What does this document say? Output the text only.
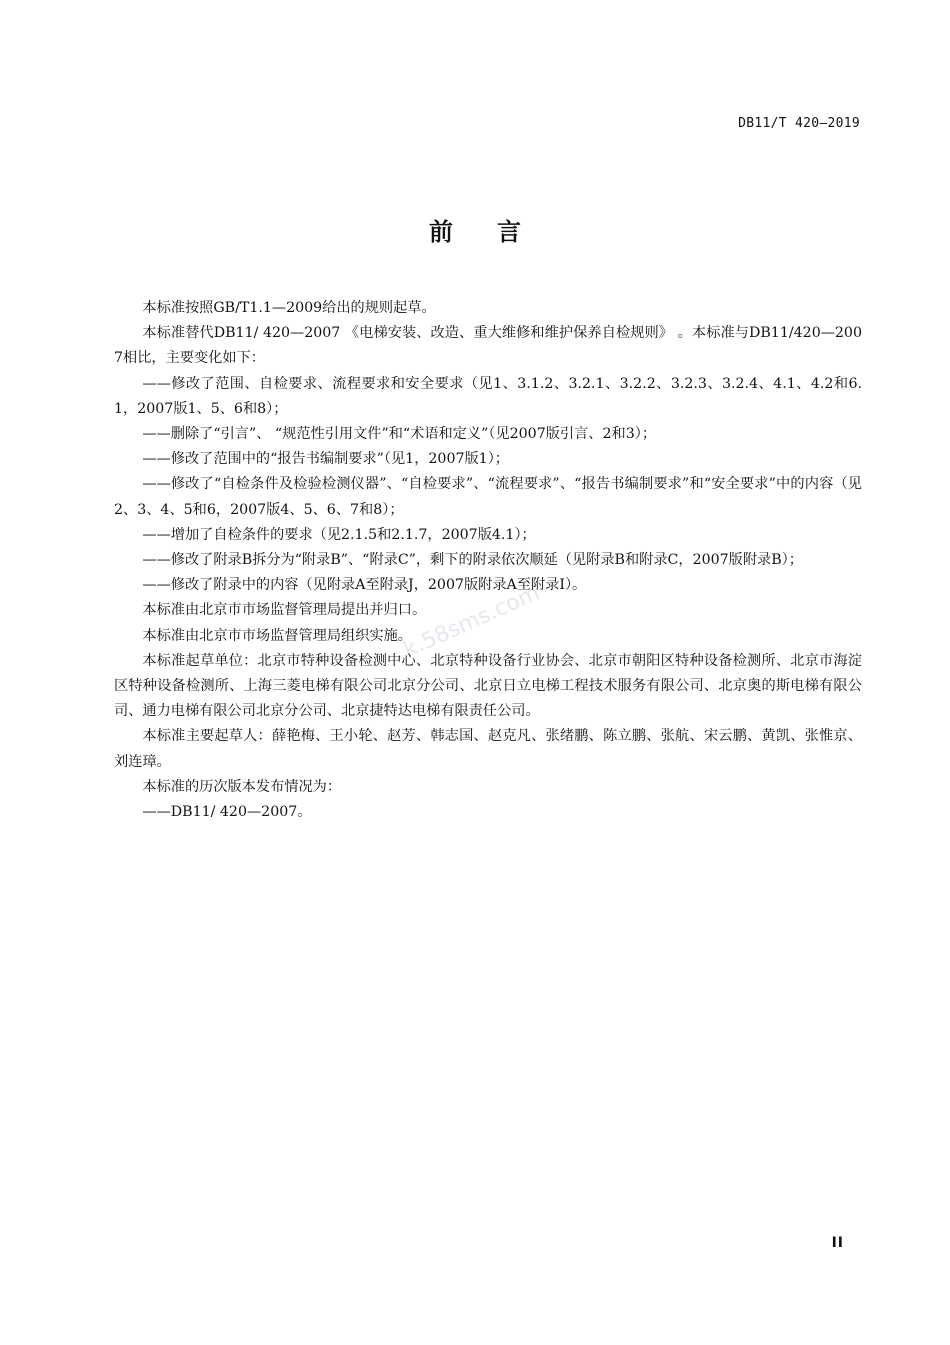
DB11/T 420—2019
前言
k.58sms.com

本标准按照GB/T1.1—2009给出的规则起草。

本标准替代DB11/ 420—2007 《电梯安装、改造、重大维修和维护保养自检规则》 。本标准与DB11/420—2007相比，主要变化如下：

——修改了范围、自检要求、流程要求和安全要求（见1、3.1.2、3.2.1、3.2.2、3.2.3、3.2.4、4.1、4.2和6.1，2007版1、5、6和8）；

——删除了“引言”、 “规范性引用文件”和“术语和定义”（见2007版引言、2和3）；

——修改了范围中的“报告书编制要求”（见1，2007版1）；

——修改了“自检条件及检验检测仪器”、“自检要求”、“流程要求”、“报告书编制要求”和“安全要求”中的内容（见2、3、4、5和6，2007版4、5、6、7和8）；

——增加了自检条件的要求（见2.1.5和2.1.7，2007版4.1）；

——修改了附录B拆分为“附录B”、“附录C”，剩下的附录依次顺延（见附录B和附录C，2007版附录B）；

——修改了附录中的内容（见附录A至附录J，2007版附录A至附录I）。

本标准由北京市市场监督管理局提出并归口。

本标准由北京市市场监督管理局组织实施。

本标准起草单位：北京市特种设备检测中心、北京特种设备行业协会、北京市朝阳区特种设备检测所、北京市海淀区特种设备检测所、上海三菱电梯有限公司北京分公司、北京日立电梯工程技术服务有限公司、北京奥的斯电梯有限公司、通力电梯有限公司北京分公司、北京捷特达电梯有限责任公司。

本标准主要起草人：薛艳梅、王小轮、赵芳、韩志国、赵克凡、张绪鹏、陈立鹏、张航、宋云鹏、黄凯、张惟京、刘连璋。

本标准的历次版本发布情况为：

——DB11/ 420—2007。

II
